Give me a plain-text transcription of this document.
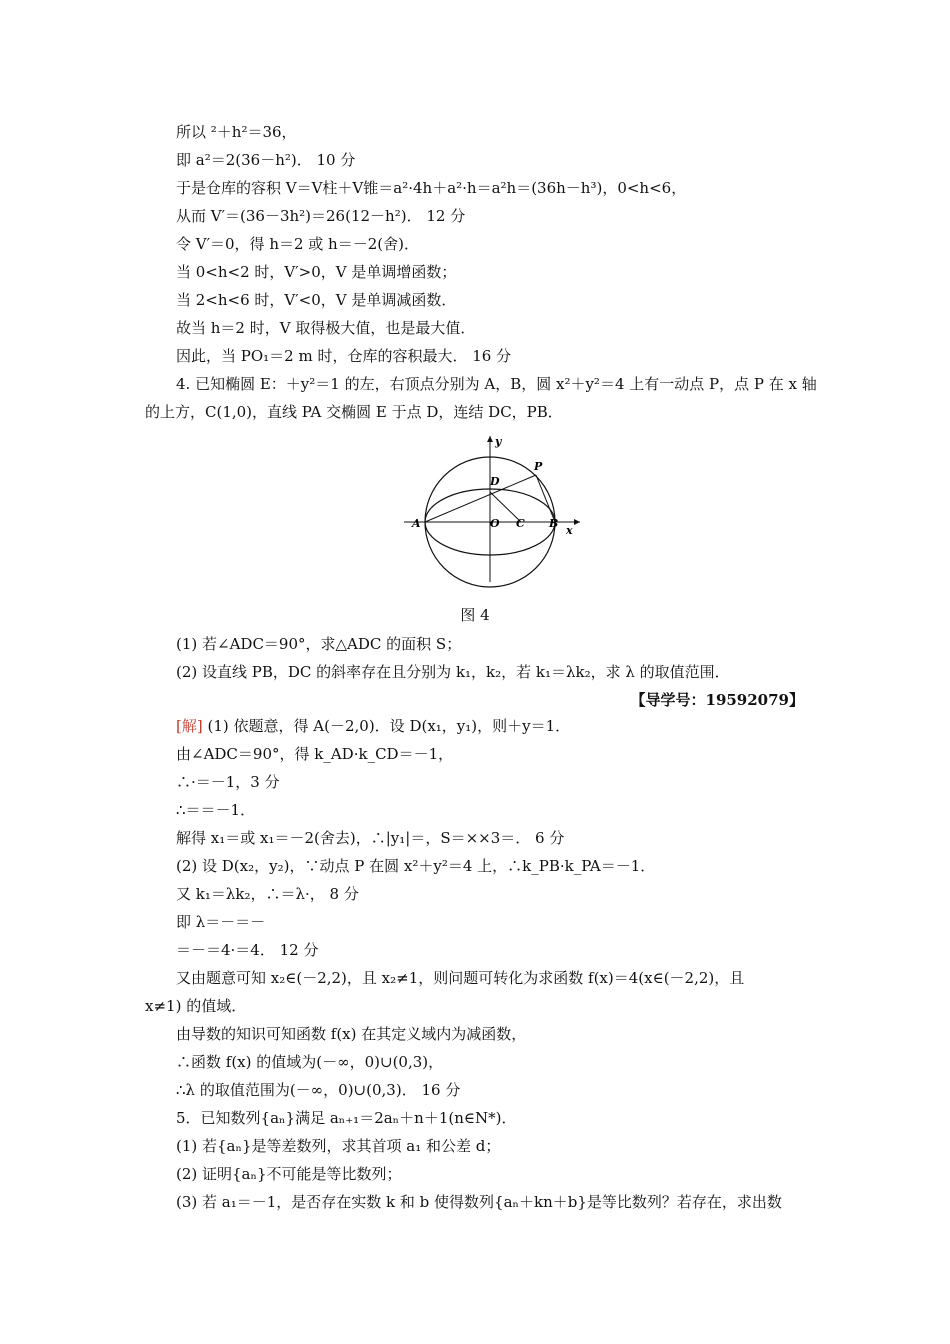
所以 ²＋h²＝36，
即 a²＝2(36－h²)． 10 分
于是仓库的容积 V＝V柱＋V锥＝a²·4h＋a²·h＝a²h＝(36h－h³)，0<h<6，
从而 V′＝(36－3h²)＝26(12－h²)． 12 分
令 V′＝0，得 h＝2 或 h＝－2(舍)．
当 0<h<2 时，V′>0，V 是单调增函数；
当 2<h<6 时，V′<0，V 是单调减函数．
故当 h＝2 时，V 取得极大值，也是最大值．
因此，当 PO₁＝2 m 时，仓库的容积最大． 16 分
4. 已知椭圆 E：＋y²＝1 的左，右顶点分别为 A，B，圆 x²＋y²＝4 上有一动点 P，点 P 在 x 轴
的上方，C(1,0)，直线 PA 交椭圆 E 于点 D，连结 DC，PB．
y
x
A	B
O C
D
P
图 4
(1) 若∠ADC＝90°，求△ADC 的面积 S；
(2) 设直线 PB，DC 的斜率存在且分别为 k₁，k₂，若 k₁＝λk₂，求 λ 的取值范围．
【导学号：19592079】
[解] (1) 依题意，得 A(－2,0)．设 D(x₁，y₁)，则＋y＝1．
由∠ADC＝90°，得 k_AD·k_CD＝－1，
∴·＝－1，3 分
∴＝＝－1．
解得 x₁＝或 x₁＝－2(舍去)，∴|y₁|＝，S＝××3＝． 6 分
(2) 设 D(x₂，y₂)，∵动点 P 在圆 x²＋y²＝4 上，∴k_PB·k_PA＝－1．
又 k₁＝λk₂，∴＝λ·， 8 分
即 λ＝－＝－
＝－＝4·＝4． 12 分
又由题意可知 x₂∈(－2,2)，且 x₂≠1，则问题可转化为求函数 f(x)＝4(x∈(－2,2)，且
x≠1) 的值域．
由导数的知识可知函数 f(x) 在其定义域内为减函数，
∴函数 f(x) 的值域为(－∞，0)∪(0,3)，
∴λ 的取值范围为(－∞，0)∪(0,3)． 16 分
5．已知数列{aₙ}满足 aₙ₊₁＝2aₙ＋n＋1(n∈N*)．
(1) 若{aₙ}是等差数列，求其首项 a₁ 和公差 d；
(2) 证明{aₙ}不可能是等比数列；
(3) 若 a₁＝－1，是否存在实数 k 和 b 使得数列{aₙ＋kn＋b}是等比数列？若存在，求出数
